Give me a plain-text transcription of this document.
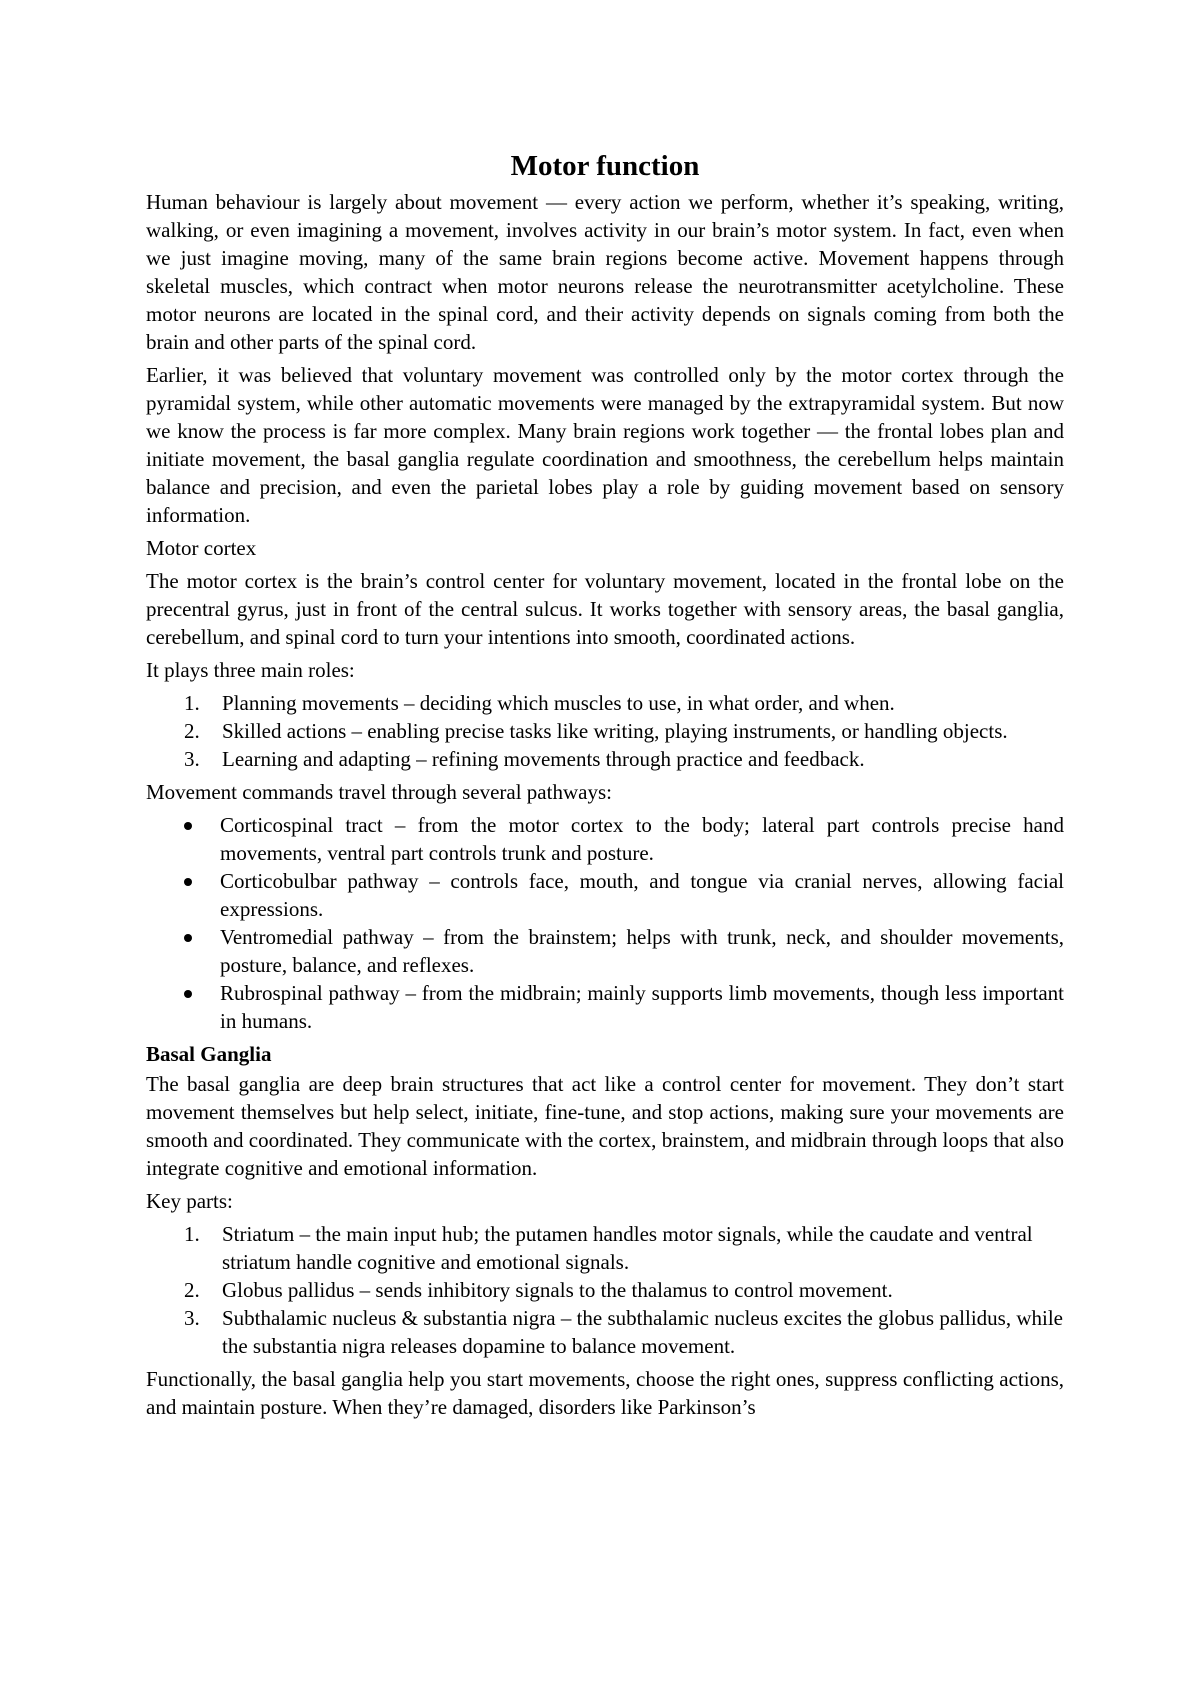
Motor function

Human behaviour is largely about movement — every action we perform, whether it’s speaking, writing, walking, or even imagining a movement, involves activity in our brain’s motor system. In fact, even when we just imagine moving, many of the same brain regions become active. Movement happens through skeletal muscles, which contract when motor neurons release the neurotransmitter acetylcholine. These motor neurons are located in the spinal cord, and their activity depends on signals coming from both the brain and other parts of the spinal cord.

Earlier, it was believed that voluntary movement was controlled only by the motor cortex through the pyramidal system, while other automatic movements were managed by the extrapyramidal system. But now we know the process is far more complex. Many brain regions work together — the frontal lobes plan and initiate movement, the basal ganglia regulate coordination and smoothness, the cerebellum helps maintain balance and precision, and even the parietal lobes play a role by guiding movement based on sensory information.

Motor cortex

The motor cortex is the brain’s control center for voluntary movement, located in the frontal lobe on the precentral gyrus, just in front of the central sulcus. It works together with sensory areas, the basal ganglia, cerebellum, and spinal cord to turn your intentions into smooth, coordinated actions.

It plays three main roles:

1.	Planning movements – deciding which muscles to use, in what order, and when.
2.	Skilled actions – enabling precise tasks like writing, playing instruments, or handling objects.
3.	Learning and adapting – refining movements through practice and feedback.

Movement commands travel through several pathways:

Corticospinal tract – from the motor cortex to the body; lateral part controls precise hand movements, ventral part controls trunk and posture.
Corticobulbar pathway – controls face, mouth, and tongue via cranial nerves, allowing facial expressions.
Ventromedial pathway – from the brainstem; helps with trunk, neck, and shoulder movements, posture, balance, and reflexes.
Rubrospinal pathway – from the midbrain; mainly supports limb movements, though less important in humans.
Basal Ganglia

The basal ganglia are deep brain structures that act like a control center for movement. They don’t start movement themselves but help select, initiate, fine-tune, and stop actions, making sure your movements are smooth and coordinated. They communicate with the cortex, brainstem, and midbrain through loops that also integrate cognitive and emotional information.

Key parts:

1.	Striatum – the main input hub; the putamen handles motor signals, while the caudate and ventral striatum handle cognitive and emotional signals.
2.	Globus pallidus – sends inhibitory signals to the thalamus to control movement.
3.	Subthalamic nucleus & substantia nigra – the subthalamic nucleus excites the globus pallidus, while the substantia nigra releases dopamine to balance movement.

Functionally, the basal ganglia help you start movements, choose the right ones, suppress conflicting actions, and maintain posture. When they’re damaged, disorders like Parkinson’s
